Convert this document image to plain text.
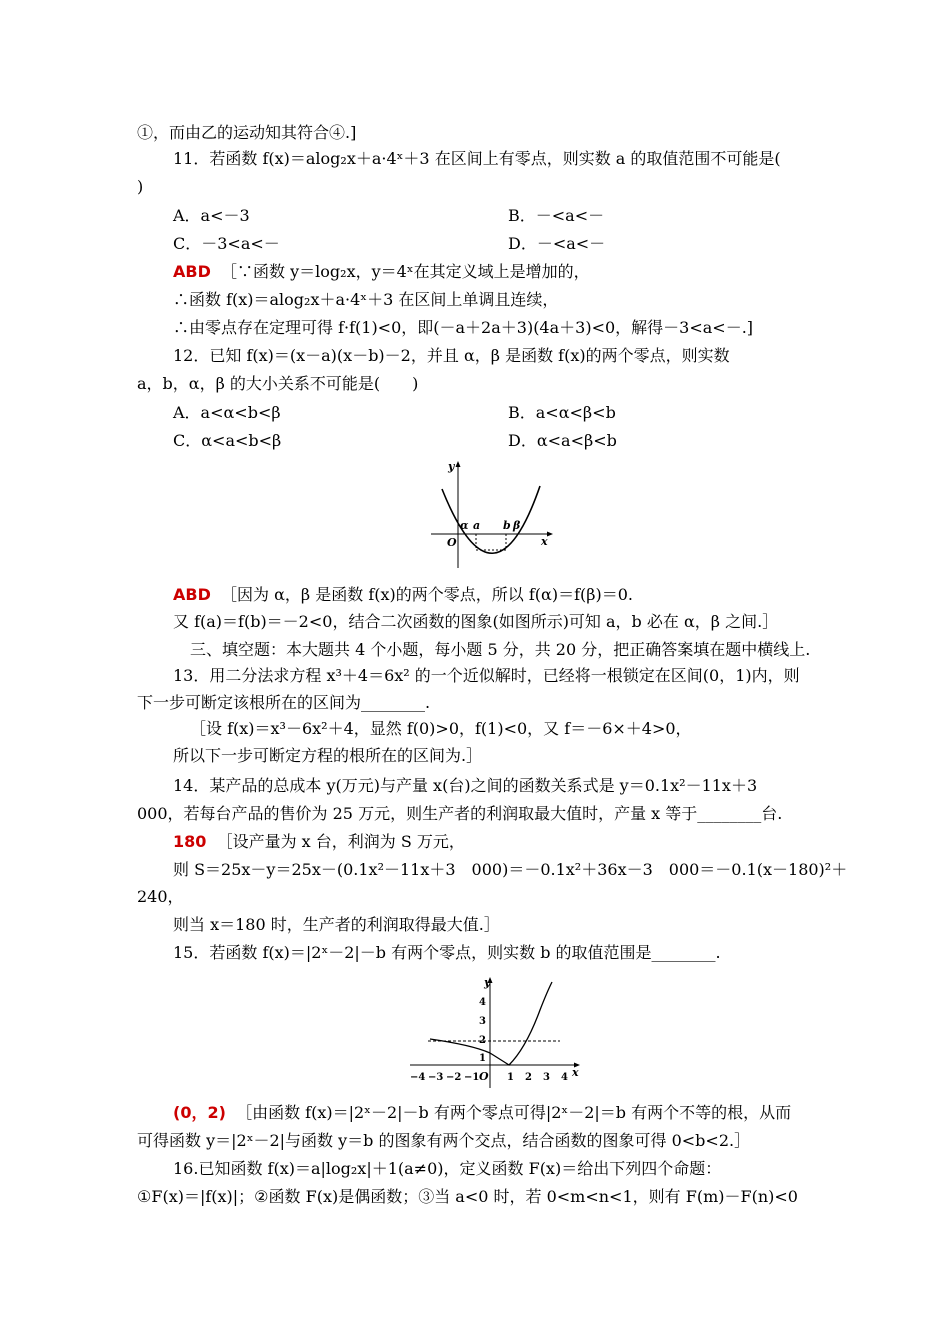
①，而由乙的运动知其符合④.]
11．若函数 f(x)＝alog₂x＋a·4ˣ＋3 在区间上有零点，则实数 a 的取值范围不可能是(
)
A．a<－3	B．－<a<－
C．－3<a<－	D．－<a<－
ABD ［∵函数 y＝log₂x，y＝4ˣ在其定义域上是增加的，
∴函数 f(x)＝alog₂x＋a·4ˣ＋3 在区间上单调且连续，
∴由零点存在定理可得 f·f(1)<0，即(－a＋2a＋3)(4a＋3)<0，解得－3<a<－.]
12．已知 f(x)＝(x－a)(x－b)－2，并且 α，β 是函数 f(x)的两个零点，则实数
a，b，α，β 的大小关系不可能是(　　)
A．a<α<b<β	B．a<α<β<b
C．α<a<b<β	D．α<a<β<b
y
α a b β
O	x
ABD ［因为 α，β 是函数 f(x)的两个零点，所以 f(α)＝f(β)＝0.
又 f(a)＝f(b)＝－2<0，结合二次函数的图象(如图所示)可知 a，b 必在 α，β 之间.］
三、填空题：本大题共 4 个小题，每小题 5 分，共 20 分，把正确答案填在题中横线上.
13．用二分法求方程 x³＋4＝6x² 的一个近似解时，已经将一根锁定在区间(0，1)内，则
下一步可断定该根所在的区间为________.
［设 f(x)＝x³－6x²＋4，显然 f(0)>0，f(1)<0，又 f＝－6×＋4>0，
所以下一步可断定方程的根所在的区间为.］
14．某产品的总成本 y(万元)与产量 x(台)之间的函数关系式是 y＝0.1x²－11x＋3
000，若每台产品的售价为 25 万元，则生产者的利润取最大值时，产量 x 等于________台.
180 ［设产量为 x 台，利润为 S 万元，
则 S＝25x－y＝25x－(0.1x²－11x＋3　000)＝－0.1x²＋36x－3　000＝－0.1(x－180)²＋
240，
则当 x＝180 时，生产者的利润取得最大值.］
15．若函数 f(x)＝|2ˣ－2|－b 有两个零点，则实数 b 的取值范围是________.
y
4
3
2
1
O
−4 −3 −2 −1	1 2 3 4 x
(0，2) ［由函数 f(x)＝|2ˣ－2|－b 有两个零点可得|2ˣ－2|＝b 有两个不等的根，从而
可得函数 y＝|2ˣ－2|与函数 y＝b 的图象有两个交点，结合函数的图象可得 0<b<2.］
16.已知函数 f(x)＝a|log₂x|＋1(a≠0)，定义函数 F(x)＝给出下列四个命题：
①F(x)＝|f(x)|；②函数 F(x)是偶函数；③当 a<0 时，若 0<m<n<1，则有 F(m)－F(n)<0
